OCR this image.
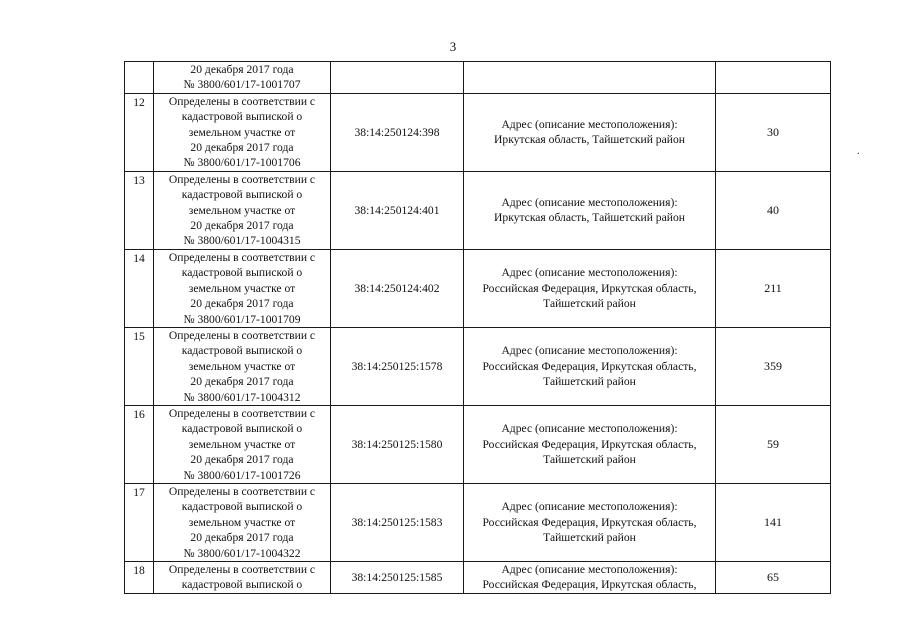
3
·

	20 декабря 2017 года
№ 3800/601/17-1001707			

12	Определены в соответствии с
кадастровой выпиской о
земельном участке от
20 декабря 2017 года
№ 3800/601/17-1001706	38:14:250124:398	Адрес (описание местоположения):
Иркутская область, Тайшетский район	30
13	Определены в соответствии с
кадастровой выпиской о
земельном участке от
20 декабря 2017 года
№ 3800/601/17-1004315	38:14:250124:401	Адрес (описание местоположения):
Иркутская область, Тайшетский район	40
14	Определены в соответствии с
кадастровой выпиской о
земельном участке от
20 декабря 2017 года
№ 3800/601/17-1001709	38:14:250124:402	Адрес (описание местоположения):
Российская Федерация, Иркутская область,
Тайшетский район	211
15	Определены в соответствии с
кадастровой выпиской о
земельном участке от
20 декабря 2017 года
№ 3800/601/17-1004312	38:14:250125:1578	Адрес (описание местоположения):
Российская Федерация, Иркутская область,
Тайшетский район	359
16	Определены в соответствии с
кадастровой выпиской о
земельном участке от
20 декабря 2017 года
№ 3800/601/17-1001726	38:14:250125:1580	Адрес (описание местоположения):
Российская Федерация, Иркутская область,
Тайшетский район	59
17	Определены в соответствии с
кадастровой выпиской о
земельном участке от
20 декабря 2017 года
№ 3800/601/17-1004322	38:14:250125:1583	Адрес (описание местоположения):
Российская Федерация, Иркутская область,
Тайшетский район	141
18	Определены в соответствии с
кадастровой выпиской о	38:14:250125:1585	Адрес (описание местоположения):
Российская Федерация, Иркутская область,	65
